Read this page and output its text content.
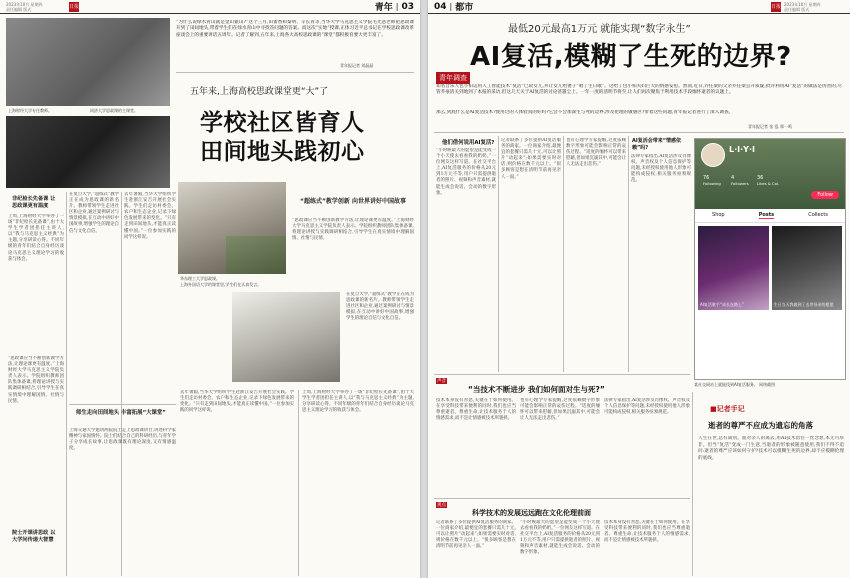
2023年10月 星期四
责任编辑 版式	日报	青年 | 03
上海财经大学专任教师。	同济大学思政课的主课堂。
“为什么说绿水青山就是金山银山?”这个三月,田蕾香和秦明、辛长青等,当华大学马克思主义学院毛光意老师把思政课开到了田间地头,带着学生们在绿水青山中寻找答问题的答案。而这次“实地”授课,正体习近平总书记在学校思政课改革座谈会上的重要讲话五周年。记者了解到,五年来,上海各大高校思政课的“课堂”都积极育要大更丰富了。
青年报记者 刘晶晶
五年来,上海高校思政课堂更“大”了
学校社区皆育人
田间地头践初心
非纪检长先备课 让思政课更有温度
上周,上海财经大学举办了一场“非纪检长先备课”,由十大学生学者团担任主讲人,以“我与马克思主义经典”为主题,分享研读心得。不同年级的青年们结合自身经历谈论马克思主义理论学习的收获与体会。
“思政课应当不断创新教学方法,让理论课更有温度。”上海财经大学马克思主义学院负责人表示。学院组织教师团队集体备课,将理论讲授与实践调研相结合,引导学生在真实情境中理解国情、社情与民情。
院士开课讲思政 以大学问传递大智慧
在复旦大学,“超练式”教学正在成为思政课的新名片。教师带领学生走进社区和企业,通过案例研讨与情景模拟,在互动中讲好中国故事,增强学生的理论自信与文化自信。
去年暑假,当华大学组织学生赴浙江安吉开展社会实践。学生们走访村委会、农户和生态企业,记录下绿色发展带来的变化。“只有走到田间地头,才能真正读懂中国。”一位参加实践的同学这样说。
师生走向田间地头 丰富拓展“大课堂”
上海交通大学邀请两院院士走上思政课讲台,讲述科学家精神与家国情怀。院士们结合自己的科研经历,与青年学子分享成长故事,让思政课既有理论深度,又有情感温度。
华东理工大学思政课。
上海外国语大学的课堂里,学生们在认真发言。
“超练式”教学创新 向世界讲好中国故事
“思政课应当不断创新教学方法,让理论课更有温度。”上海财经大学马克思主义学院负责人表示。学院组织教师团队集体备课,将理论讲授与实践调研相结合,引导学生在真实情境中理解国情、社情与民情。
在复旦大学,“超练式”教学正在成为思政课的新名片。教师带领学生走进社区和企业,通过案例研讨与情景模拟,在互动中讲好中国故事,增强学生的理论自信与文化自信。
去年暑假,当华大学组织学生赴浙江安吉开展社会实践。学生们走访村委会、农户和生态企业,记录下绿色发展带来的变化。“只有走到田间地头,才能真正读懂中国。”一位参加实践的同学这样说。
上周,上海财经大学举办了一场“非纪检长先备课”,由十大学生学者团担任主讲人,以“我与马克思主义经典”为主题,分享研读心得。不同年级的青年们结合自身经历谈论马克思主义理论学习的收获与体会。
04 | 都市	日报 2023年10月 星期四
责任编辑 版式
最低20元最高1万元 就能实现“数字永生”
AI复活,模糊了生死的边界?
青年调查
知名音乐人包小柏运用人工智能技术“复活”已故女儿,并让女儿给妻子“唱了生日歌”。这给了包小柏夫妇巨大的情感安慰。然而,近日,乔任梁的父亲乔任梁公开质疑,批评利用AI“复活”的做法是伪善的,尽管乔豪清关到地到了本报的采访,但这几天关于AI复活的讨论甚嚣尘上。一年一度的清明节将至,让人们再次聚焦于利用技术手段缅怀逝者的议题上。
那么,到底什么是AI复活技术?使用过的人体验真的好吗?它会不会加深生与死的边界,涉及伦理的敏感区?带着这些问题,青年报记者进行了深入调查。
青年报记者 张 泓 郑一鸣
他们借何说用AI复活?
“小时候最大的愿望是能变成一个小天使去看看我的奶奶。”一位网友这样写道。在社交平台上,AI复活服务的价格从20元到1万元不等,用户只需提供逝者的照片、视频和声音素材,就能生成会说话、会动的数字形象。
记者联系了多位提供AI复活服务的商家。一位商家介绍,最便宜的套餐只需几十元,可以让照片“动起来”;如果需要实时对话,则价格在数千元以上。“很多顾客是想在清明节前再见亲人一面。”
也有心理学专家提醒,过度依赖数字形象可能会影响正常的哀伤过程。“适度的缅怀可以带来慰藉,但如果沉溺其中,可能会让人无法走出悲伤。”
AI复活会带来“情感依赖”吗?
法律专家指出,AI复活涉及肖像权、声音权及个人信息保护等问题,未经授权使用他人形象可能构成侵权,相关服务亟须规范。
L·I·Y·I
76
Following
4
Followers
36
Likes & Col.
Follow
Shop	Posts	Collects
AI复活歌手“成长在路上”	生日当天我做到了去世母亲的愿望
某社交网站上就能找到AI复活服务。 网络截图
声音
“当技术不断进步 我们如何面对生与死?”
技术本身没有善恶,关键在于如何使用。在享受科技带来便利的同时,我们也应当尊重逝者、尊重生命,让技术服务于人的情感需求,而不是让情感被技术所裹挟。
也有心理学专家提醒,过度依赖数字形象可能会影响正常的哀伤过程。“适度的缅怀可以带来慰藉,但如果沉溺其中,可能会让人无法走出悲伤。”
法律专家指出,AI复活涉及肖像权、声音权及个人信息保护等问题,未经授权使用他人形象可能构成侵权,相关服务亟须规范。
观点
科学技术的发展远远跑在文化伦理前面
记者联系了多位提供AI复活服务的商家。一位商家介绍,最便宜的套餐只需几十元,可以让照片“动起来”;如果需要实时对话,则价格在数千元以上。“很多顾客是想在清明节前再见亲人一面。”
“小时候最大的愿望是能变成一个小天使去看看我的奶奶。”一位网友这样写道。在社交平台上,AI复活服务的价格从20元到1万元不等,用户只需提供逝者的照片、视频和声音素材,就能生成会说话、会动的数字形象。
技术本身没有善恶,关键在于如何使用。在享受科技带来便利的同时,我们也应当尊重逝者、尊重生命,让技术服务于人的情感需求,而不是让情感被技术所裹挟。
■记者手记
逝者的尊严不应成为遗忘的角落
人生在世,总有离别。面对亲人的离去,用AI技术留住一丝念想,本无可厚非。但当“复活”变成一门生意,当逝者的形象被随意使用,我们不得不追问:逝者的尊严应该如何守护?技术可以模糊生死的边界,却不应模糊伦理的底线。
